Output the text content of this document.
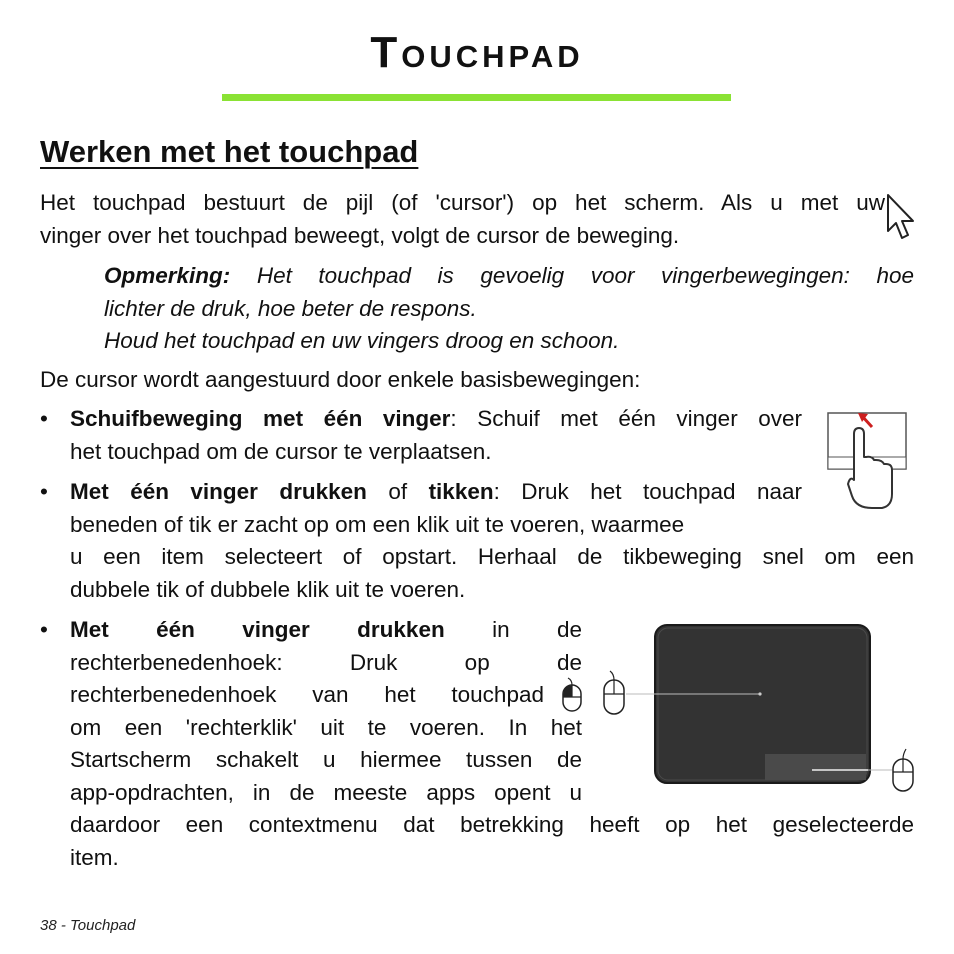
Touchpad
Werken met het touchpad
Het touchpad bestuurt de pijl (of 'cursor') op het scherm. Als u met uw
vinger over het touchpad beweegt, volgt de cursor de beweging.
Opmerking: Het touchpad is gevoelig voor vingerbewegingen: hoe
lichter de druk, hoe beter de respons.
Houd het touchpad en uw vingers droog en schoon.
De cursor wordt aangestuurd door enkele basisbewegingen:
• Schuifbeweging met één vinger: Schuif met één vinger over
het touchpad om de cursor te verplaatsen.
• Met één vinger drukken of tikken: Druk het touchpad naar
beneden of tik er zacht op om een klik uit te voeren, waarmee
u een item selecteert of opstart. Herhaal de tikbeweging snel om een
dubbele tik of dubbele klik uit te voeren.
• Met één vinger drukken in de
rechterbenedenhoek: Druk op de
rechterbenedenhoek van het touchpad
om een 'rechterklik' uit te voeren. In het
Startscherm schakelt u hiermee tussen de
app-opdrachten, in de meeste apps opent u
daardoor een contextmenu dat betrekking heeft op het geselecteerde
item.
38 - Touchpad
